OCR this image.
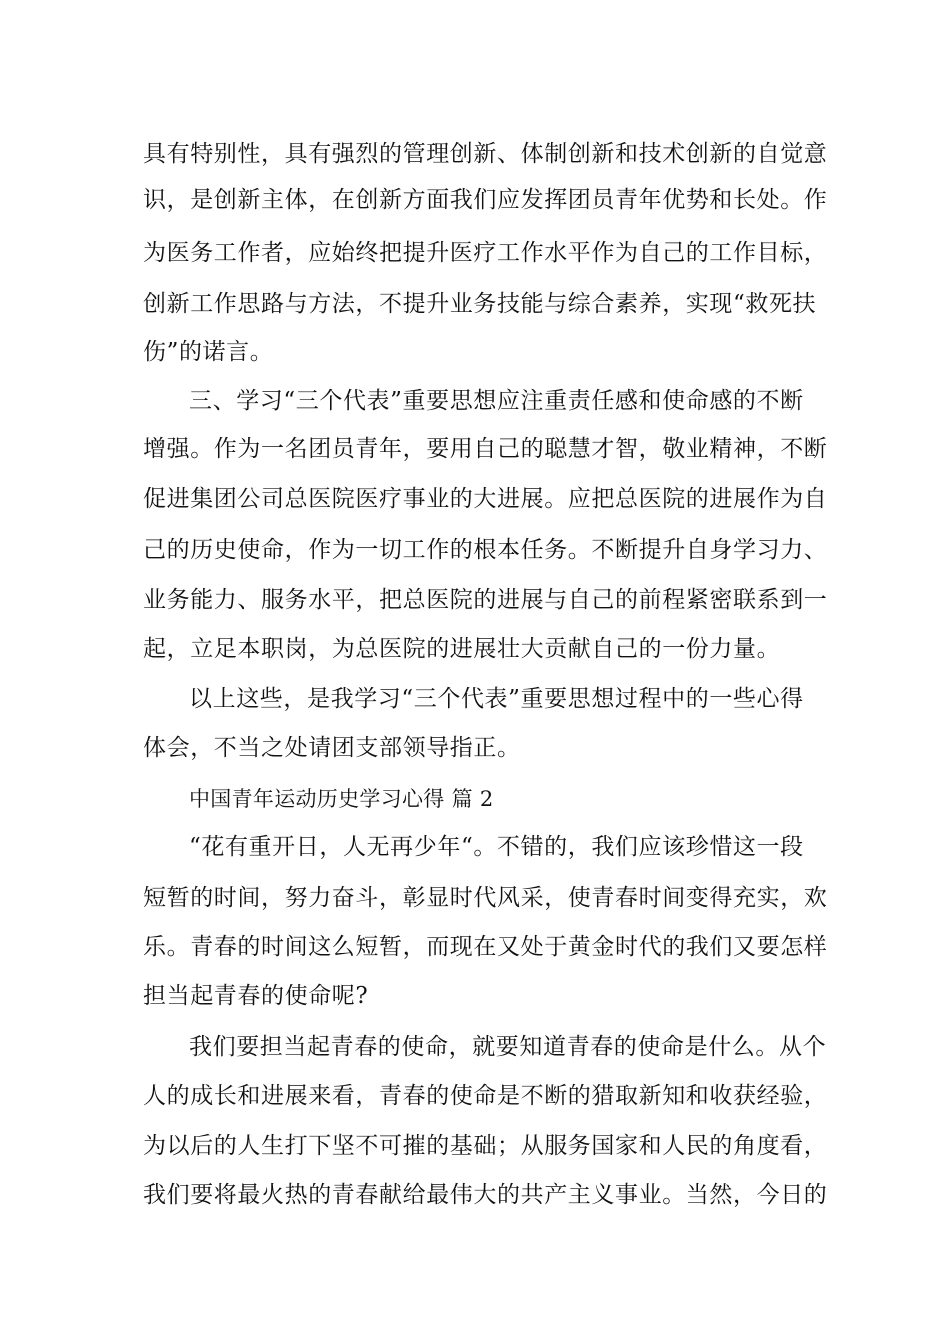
具有特别性，具有强烈的管理创新、体制创新和技术创新的自觉意
识，是创新主体，在创新方面我们应发挥团员青年优势和长处。作
为医务工作者，应始终把提升医疗工作水平作为自己的工作目标，
创新工作思路与方法，不提升业务技能与综合素养，实现“救死扶
伤”的诺言。
三、学习“三个代表”重要思想应注重责任感和使命感的不断
增强。作为一名团员青年，要用自己的聪慧才智，敬业精神，不断
促进集团公司总医院医疗事业的大进展。应把总医院的进展作为自
己的历史使命，作为一切工作的根本任务。不断提升自身学习力、
业务能力、服务水平，把总医院的进展与自己的前程紧密联系到一
起，立足本职岗，为总医院的进展壮大贡献自己的一份力量。
以上这些，是我学习“三个代表”重要思想过程中的一些心得
体会，不当之处请团支部领导指正。
中国青年运动历史学习心得 篇 2
“花有重开日，人无再少年“。不错的，我们应该珍惜这一段
短暂的时间，努力奋斗，彰显时代风采，使青春时间变得充实，欢
乐。青春的时间这么短暂，而现在又处于黄金时代的我们又要怎样
担当起青春的使命呢?
我们要担当起青春的使命，就要知道青春的使命是什么。从个
人的成长和进展来看，青春的使命是不断的猎取新知和收获经验，
为以后的人生打下坚不可摧的基础；从服务国家和人民的角度看，
我们要将最火热的青春献给最伟大的共产主义事业。当然，今日的
